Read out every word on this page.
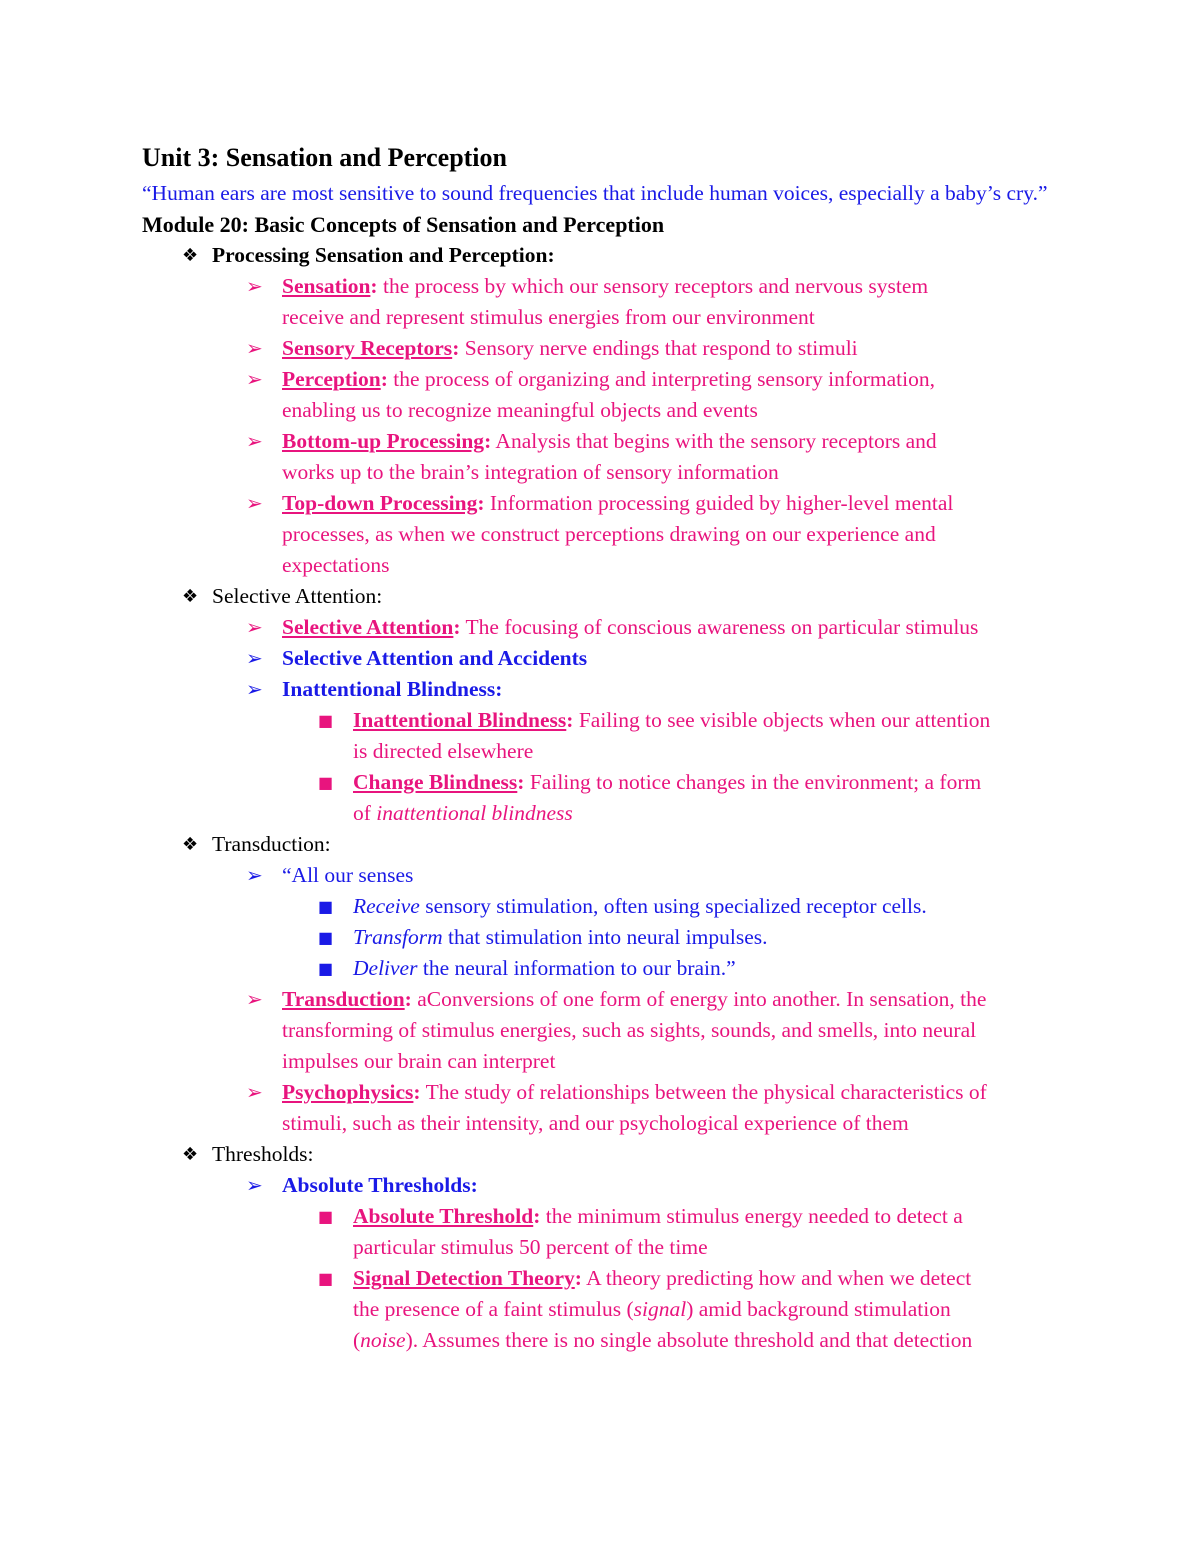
Unit 3: Sensation and Perception
“Human ears are most sensitive to sound frequencies that include human voices, especially a baby’s cry.”
Module 20: Basic Concepts of Sensation and Perception
❖ Processing Sensation and Perception:
➢ Sensation: the process by which our sensory receptors and nervous system
receive and represent stimulus energies from our environment
➢ Sensory Receptors: Sensory nerve endings that respond to stimuli
➢ Perception: the process of organizing and interpreting sensory information,
enabling us to recognize meaningful objects and events
➢ Bottom-up Processing: Analysis that begins with the sensory receptors and
works up to the brain’s integration of sensory information
➢ Top-down Processing: Information processing guided by higher-level mental
processes, as when we construct perceptions drawing on our experience and
expectations
❖ Selective Attention:
➢ Selective Attention: The focusing of conscious awareness on particular stimulus
➢ Selective Attention and Accidents
➢ Inattentional Blindness:
■ Inattentional Blindness: Failing to see visible objects when our attention
is directed elsewhere
■ Change Blindness: Failing to notice changes in the environment; a form
of inattentional blindness
❖ Transduction:
➢ “All our senses
■ Receive sensory stimulation, often using specialized receptor cells.
■ Transform that stimulation into neural impulses.
■ Deliver the neural information to our brain.”
➢ Transduction: aConversions of one form of energy into another. In sensation, the
transforming of stimulus energies, such as sights, sounds, and smells, into neural
impulses our brain can interpret
➢ Psychophysics: The study of relationships between the physical characteristics of
stimuli, such as their intensity, and our psychological experience of them
❖ Thresholds:
➢ Absolute Thresholds:
■ Absolute Threshold: the minimum stimulus energy needed to detect a
particular stimulus 50 percent of the time
■ Signal Detection Theory: A theory predicting how and when we detect
the presence of a faint stimulus (signal) amid background stimulation
(noise). Assumes there is no single absolute threshold and that detection
